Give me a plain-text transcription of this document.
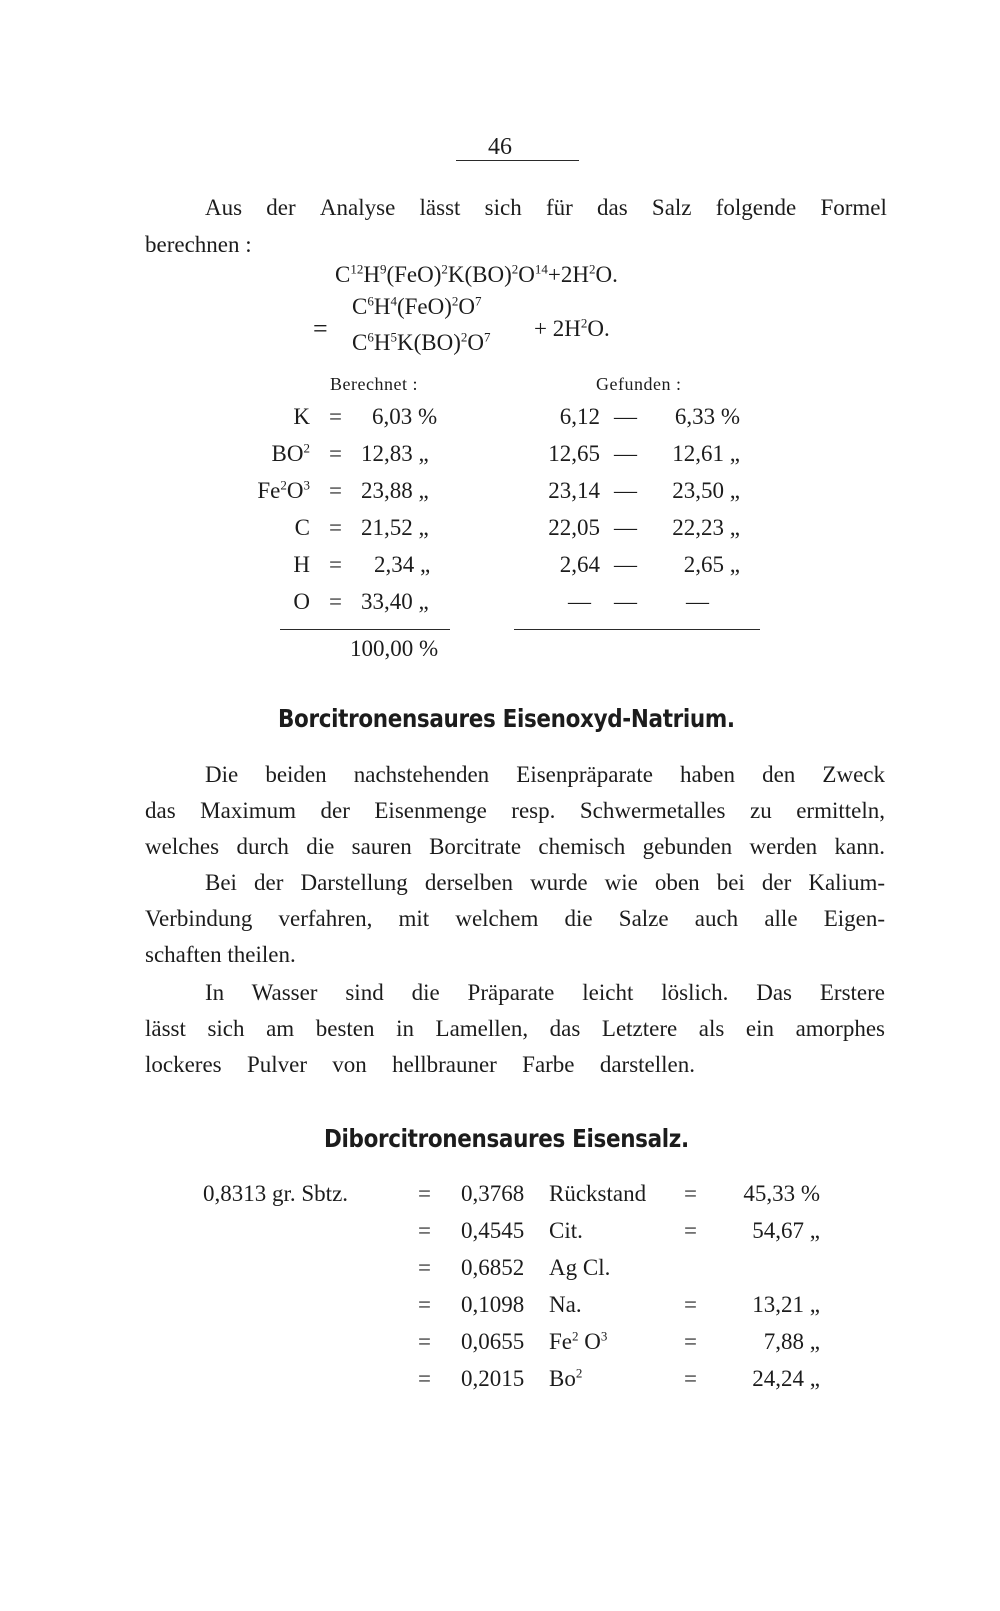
46
Aus der Analyse lässt sich für das Salz folgende Formel
berechnen :
$C^{12}H^9(FeO)^2K(BO)^2O^{14}+2H^2O$.
=
$C^6H^4(FeO)^2O^7$
$C^6H^5K(BO)^2O^7 + 2H^2O$.
Berechnet :	Gefunden :
K = 6,03 %	6,12 —	6,33 %
$BO^2 = 12,83$ „	12,65 —	12,61 „
$Fe^2O^3 = 23,88$ „	23,14 —	23,50 „
C = 21,52 „	22,05 —	22,23 „
H = 2,34 „	2,64 —	2,65 „
O = 33,40 „	— — —
100,00 %
Borcitronensaures Eisenoxyd-Natrium.
Die beiden nachstehenden Eisenpräparate haben den Zweck
das Maximum der Eisenmenge resp. Schwermetalles zu ermitteln,
welches durch die sauren Borcitrate chemisch gebunden werden kann.
Bei der Darstellung derselben wurde wie oben bei der Kalium-
Verbindung verfahren, mit welchem die Salze auch alle Eigen-
schaften theilen.
In Wasser sind die Präparate leicht löslich. Das Erstere
lässt sich am besten in Lamellen, das Letztere als ein amorphes
lockeres Pulver von hellbrauner Farbe darstellen.
Diborcitronensaures Eisensalz.
0,8313 gr. Sbtz.	= 0,3768 Rückstand =	45,33 %
= 0,4545 Cit.	=	54,67 „
= 0,6852 Ag Cl.
= 0,1098 Na.	=	13,21 „
= 0,0655 Fe$^2$ $O^3$	=	7,88 „
= 0,2015 $Bo^2$	=	24,24 „
